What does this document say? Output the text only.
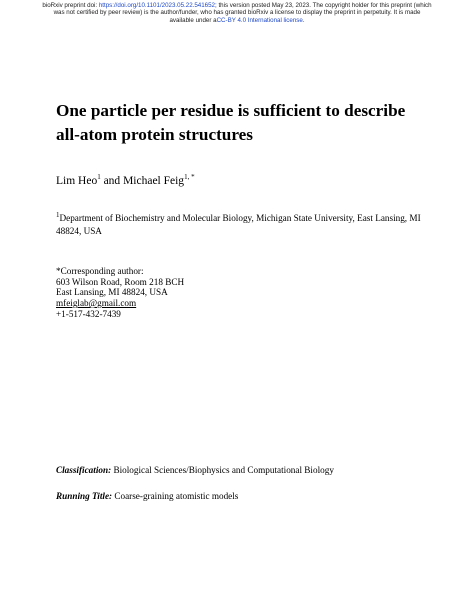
bioRxiv preprint doi: https://doi.org/10.1101/2023.05.22.541652; this version posted May 23, 2023. The copyright holder for this preprint (which
was not certified by peer review) is the author/funder, who has granted bioRxiv a license to display the preprint in perpetuity. It is made
available under aCC-BY 4.0 International license.
One particle per residue is sufficient to describe
all-atom protein structures
Lim Heo$^1$ and Michael Feig$^{1, *}$
$^1$Department of Biochemistry and Molecular Biology, Michigan State University, East Lansing, MI 48824, USA
*Corresponding author:
603 Wilson Road, Room 218 BCH
East Lansing, MI 48824, USA
mfeiglab@gmail.com
+1-517-432-7439
Classification: Biological Sciences/Biophysics and Computational Biology
Running Title: Coarse-graining atomistic models
